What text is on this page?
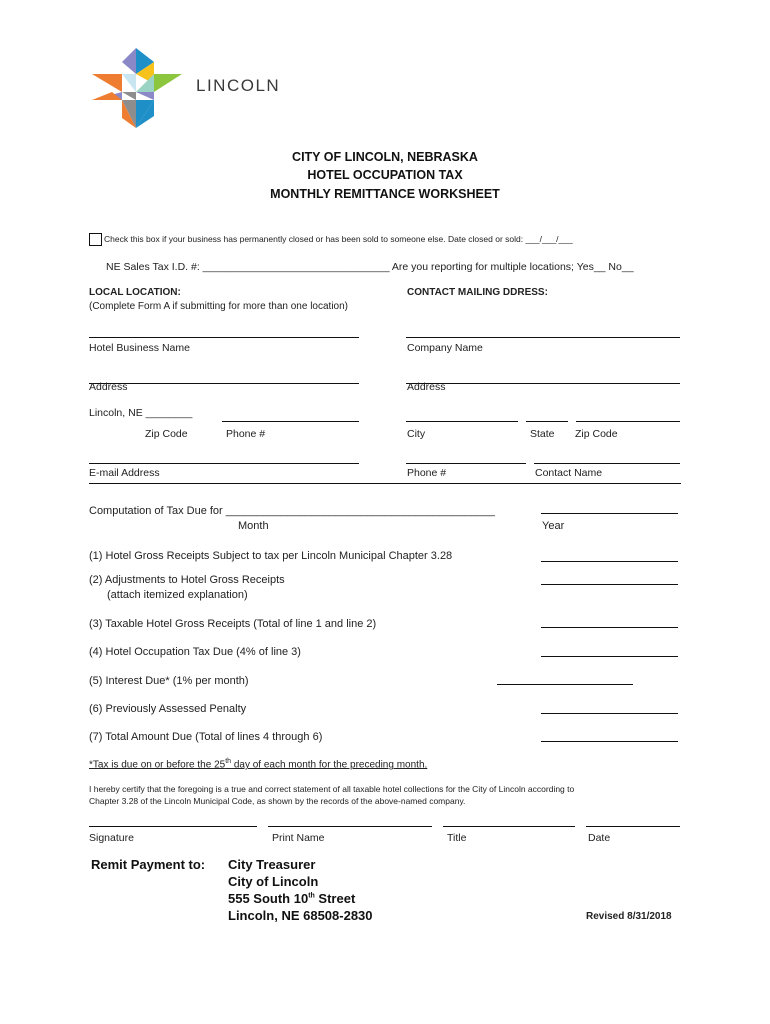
LINCOLN
CITY OF LINCOLN, NEBRASKA
HOTEL OCCUPATION TAX
MONTHLY REMITTANCE WORKSHEET
Check this box if your business has permanently closed or has been sold to someone else. Date closed or sold: ___/___/___
NE Sales Tax I.D. #: ________________________________ Are you reporting for multiple locations; Yes__ No__
LOCAL LOCATION:
(Complete Form A if submitting for more than one location)
CONTACT MAILING DDRESS:
Hotel Business Name
Address
Lincoln, NE ________
Zip Code	Phone #
E-mail Address
Company Name
Address
City	State Zip Code
Phone #	Contact Name
Computation of Tax Due for ____________________________________________
Month	Year
(1) Hotel Gross Receipts Subject to tax per Lincoln Municipal Chapter 3.28
(2) Adjustments to Hotel Gross Receipts
(attach itemized explanation)
(3) Taxable Hotel Gross Receipts (Total of line 1 and line 2)
(4) Hotel Occupation Tax Due (4% of line 3)
(5) Interest Due* (1% per month)
(6) Previously Assessed Penalty
(7) Total Amount Due (Total of lines 4 through 6)
*Tax is due on or before the 25th day of each month for the preceding month.
I hereby certify that the foregoing is a true and correct statement of all taxable hotel collections for the City of Lincoln according to
Chapter 3.28 of the Lincoln Municipal Code, as shown by the records of the above-named company.
Signature	Print Name	Title	Date
Remit Payment to: City Treasurer
City of Lincoln
555 South 10th Street
Lincoln, NE 68508-2830	Revised 8/31/2018
